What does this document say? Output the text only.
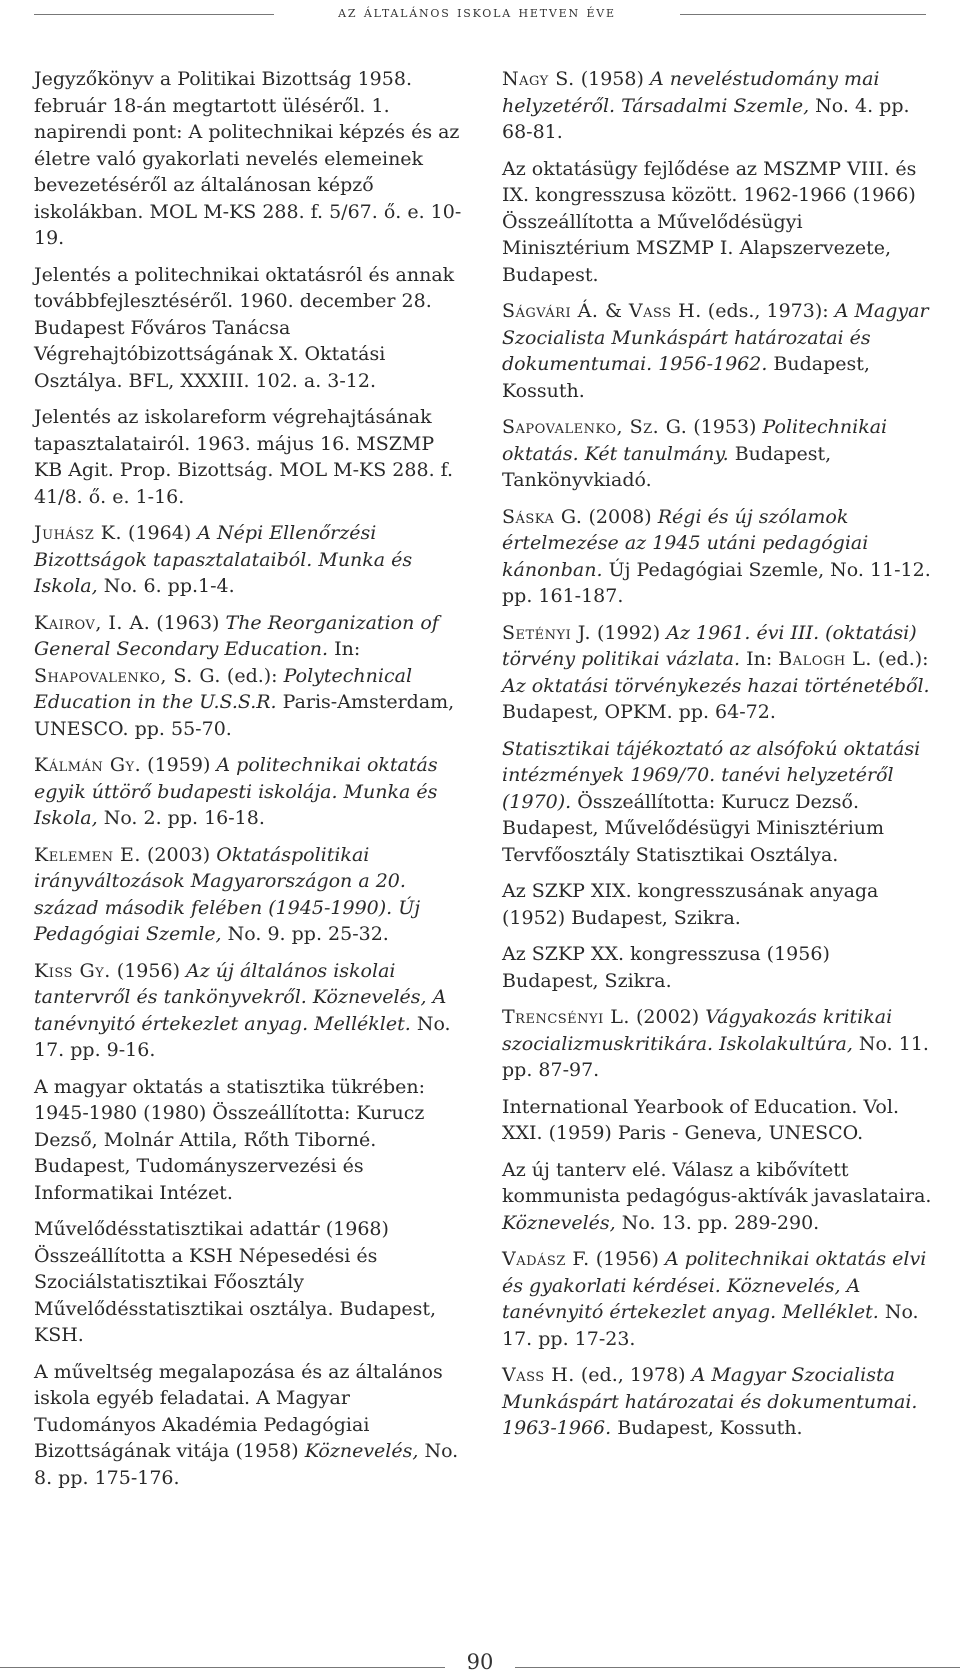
az általános iskola hetven éve

Jegyzőkönyv a Politikai Bizottság 1958. február 18-án megtartott üléséről. 1. napirendi pont: A politechnikai képzés és az életre való gyakorlati nevelés elemeinek bevezetéséről az általánosan képző iskolákban. MOL M-KS 288. f. 5/67. ő. e. 10-19.

Jelentés a politechnikai oktatásról és annak továbbfejlesztéséről. 1960. december 28. Budapest Főváros Tanácsa Végrehajtóbizottságának X. Oktatási Osztálya. BFL, XXXIII. 102. a. 3-12.

Jelentés az iskolareform végrehajtásának tapasztalatairól. 1963. május 16. MSZMP KB Agit. Prop. Bizottság. MOL M-KS 288. f. 41/8. ő. e. 1-16.

Juhász K. (1964) A Népi Ellenőrzési Bizottságok tapasztalataiból. Munka és Iskola, No. 6. pp.1-4.

Kairov, I. A. (1963) The Reorganization of General Secondary Education. In: Shapovalenko, S. G. (ed.): Polytechnical Education in the U.S.S.R. Paris-Amsterdam, UNESCO. pp. 55-70.

Kálmán Gy. (1959) A politechnikai oktatás egyik úttörő budapesti iskolája. Munka és Iskola, No. 2. pp. 16-18.

Kelemen E. (2003) Oktatáspolitikai irányváltozások Magyarországon a 20. század második felében (1945-1990). Új Pedagógiai Szemle, No. 9. pp. 25-32.

Kiss Gy. (1956) Az új általános iskolai tantervről és tankönyvekről. Köznevelés, A tanévnyitó értekezlet anyag. Melléklet. No. 17. pp. 9-16.

A magyar oktatás a statisztika tükrében: 1945-1980 (1980) Összeállította: Kurucz Dezső, Molnár Attila, Rőth Tiborné. Budapest, Tudományszervezési és Informatikai Intézet.

Művelődésstatisztikai adattár (1968) Összeállította a KSH Népesedési és Szociálstatisztikai Főosztály Művelődésstatisztikai osztálya. Budapest, KSH.

A műveltség megalapozása és az általános iskola egyéb feladatai. A Magyar Tudományos Akadémia Pedagógiai Bizottságának vitája (1958) Köznevelés, No. 8. pp. 175-176.

Nagy S. (1958) A neveléstudomány mai helyzetéről. Társadalmi Szemle, No. 4. pp. 68-81.

Az oktatásügy fejlődése az MSZMP VIII. és IX. kongresszusa között. 1962-1966 (1966) Összeállította a Művelődésügyi Minisztérium MSZMP I. Alapszervezete, Budapest.

Ságvári Á. & Vass H. (eds., 1973): A Magyar Szocialista Munkáspárt határozatai és dokumentumai. 1956-1962. Budapest, Kossuth.

Sapovalenko, Sz. G. (1953) Politechnikai oktatás. Két tanulmány. Budapest, Tankönyvkiadó.

Sáska G. (2008) Régi és új szólamok értelmezése az 1945 utáni pedagógiai kánonban. Új Pedagógiai Szemle, No. 11-12. pp. 161-187.

Setényi J. (1992) Az 1961. évi III. (oktatási) törvény politikai vázlata. In: Balogh L. (ed.): Az oktatási törvénykezés hazai történetéből. Budapest, OPKM. pp. 64-72.

Statisztikai tájékoztató az alsófokú oktatási intézmények 1969/70. tanévi helyzetéről (1970). Összeállította: Kurucz Dezső. Budapest, Művelődésügyi Minisztérium Tervfőosztály Statisztikai Osztálya.

Az SZKP XIX. kongresszusának anyaga (1952) Budapest, Szikra.

Az SZKP XX. kongresszusa (1956) Budapest, Szikra.

Trencsényi L. (2002) Vágyakozás kritikai szocializmuskritikára. Iskolakultúra, No. 11. pp. 87-97.

International Yearbook of Education. Vol. XXI. (1959) Paris - Geneva, UNESCO.

Az új tanterv elé. Válasz a kibővített kommunista pedagógus-aktívák javaslataira. Köznevelés, No. 13. pp. 289-290.

Vadász F. (1956) A politechnikai oktatás elvi és gyakorlati kérdései. Köznevelés, A tanévnyitó értekezlet anyag. Melléklet. No. 17. pp. 17-23.

Vass H. (ed., 1978) A Magyar Szocialista Munkáspárt határozatai és dokumentumai. 1963-1966. Budapest, Kossuth.

90
